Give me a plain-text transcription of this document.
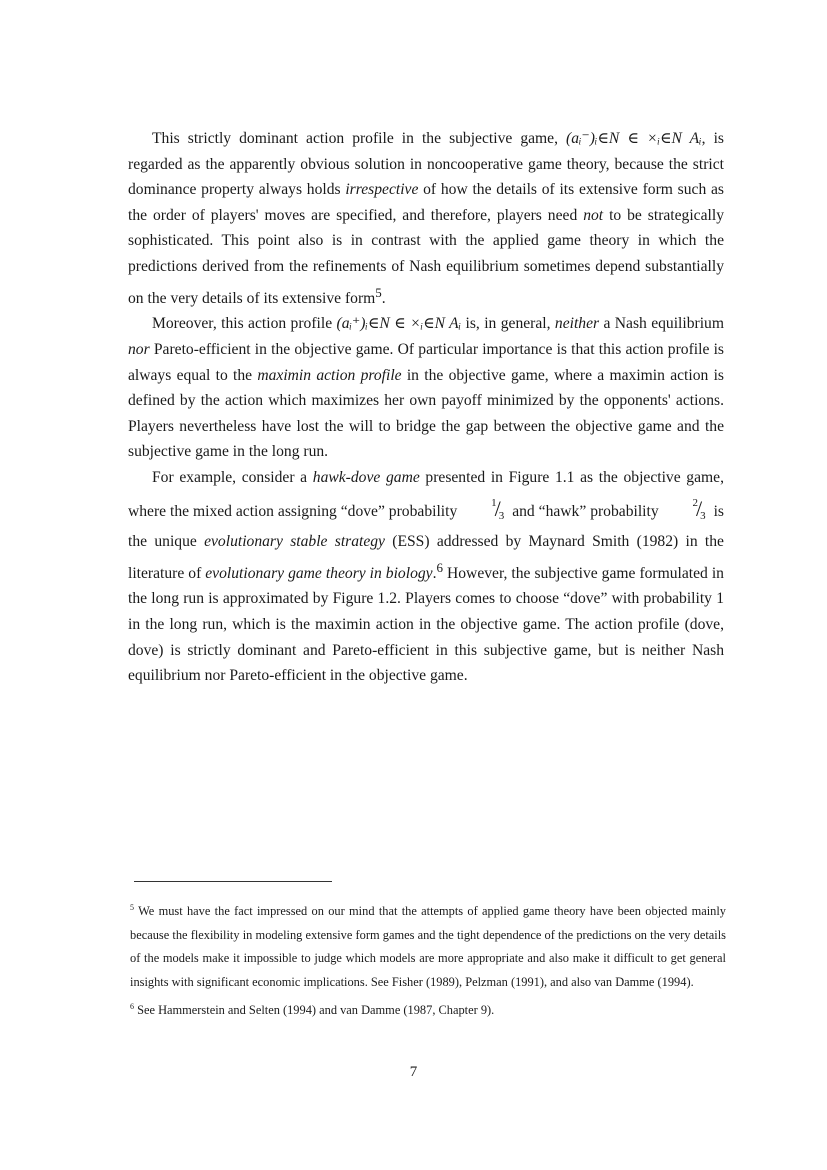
This strictly dominant action profile in the subjective game, (aᵢ⁻)ᵢ∈N ∈ ×ᵢ∈N Aᵢ, is regarded as the apparently obvious solution in noncooperative game theory, because the strict dominance property always holds irrespective of how the details of its extensive form such as the order of players' moves are specified, and therefore, players need not to be strategically sophisticated. This point also is in contrast with the applied game theory in which the predictions derived from the refinements of Nash equilibrium sometimes depend substantially on the very details of its extensive form$^5$.

Moreover, this action profile (aᵢ⁺)ᵢ∈N ∈ ×ᵢ∈N Aᵢ is, in general, neither a Nash equilibrium nor Pareto-efficient in the objective game. Of particular importance is that this action profile is always equal to the maximin action profile in the objective game, where a maximin action is defined by the action which maximizes her own payoff minimized by the opponents' actions. Players nevertheless have lost the will to bridge the gap between the objective game and the subjective game in the long run.

For example, consider a hawk-dove game presented in Figure 1.1 as the objective game, where the mixed action assigning “dove” probability	$^1/_3$ and “hawk” probability	$^2/_3$ is the unique evolutionary stable strategy (ESS) addressed by Maynard Smith (1982) in the literature of evolutionary game theory in biology.$^6$ However, the subjective game formulated in the long run is approximated by Figure 1.2. Players comes to choose “dove” with probability 1 in the long run, which is the maximin action in the objective game. The action profile (dove, dove) is strictly dominant and Pareto-efficient in this subjective game, but is neither Nash equilibrium nor Pareto-efficient in the objective game.

$^5$ We must have the fact impressed on our mind that the attempts of applied game theory have been objected mainly because the flexibility in modeling extensive form games and the tight dependence of the predictions on the very details of the models make it impossible to judge which models are more appropriate and also make it difficult to get general insights with significant economic implications. See Fisher (1989), Pelzman (1991), and also van Damme (1994).

$^6$ See Hammerstein and Selten (1994) and van Damme (1987, Chapter 9).

7
